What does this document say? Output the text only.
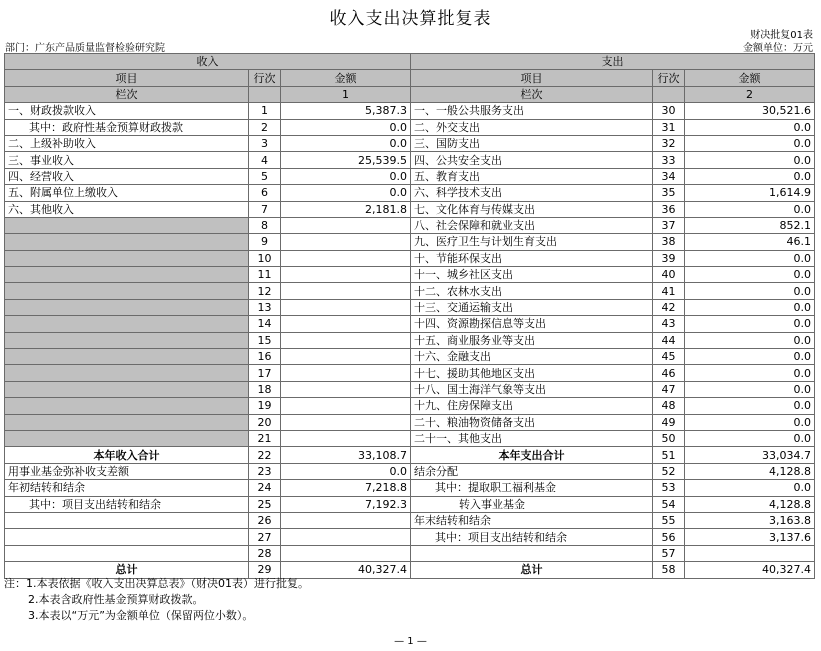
收入支出决算批复表
财决批复01表
部门：广东产品质量监督检验研究院	金额单位：万元
收入			支出		
项目	行次	金额	项目	行次	金额
栏次		1	栏次		2
一、财政拨款收入	1	5,387.3	一、一般公共服务支出	30	30,521.6
其中：政府性基金预算财政拨款	2	0.0	二、外交支出	31	0.0
二、上级补助收入	3	0.0	三、国防支出	32	0.0
三、事业收入	4	25,539.5	四、公共安全支出	33	0.0
四、经营收入	5	0.0	五、教育支出	34	0.0
五、附属单位上缴收入	6	0.0	六、科学技术支出	35	1,614.9
六、其他收入	7	2,181.8	七、文化体育与传媒支出	36	0.0
	8		八、社会保障和就业支出	37	852.1
	9		九、医疗卫生与计划生育支出	38	46.1
	10		十、节能环保支出	39	0.0
	11		十一、城乡社区支出	40	0.0
	12		十二、农林水支出	41	0.0
	13		十三、交通运输支出	42	0.0
	14		十四、资源勘探信息等支出	43	0.0
	15		十五、商业服务业等支出	44	0.0
	16		十六、金融支出	45	0.0
	17		十七、援助其他地区支出	46	0.0
	18		十八、国土海洋气象等支出	47	0.0
	19		十九、住房保障支出	48	0.0
	20		二十、粮油物资储备支出	49	0.0
	21		二十一、其他支出	50	0.0
本年收入合计	22	33,108.7	本年支出合计	51	33,034.7
用事业基金弥补收支差额	23	0.0	结余分配	52	4,128.8
年初结转和结余	24	7,218.8	其中：提取职工福利基金	53	0.0
其中：项目支出结转和结余	25	7,192.3	转入事业基金	54	4,128.8
	26		年末结转和结余	55	3,163.8
	27		其中：项目支出结转和结余	56	3,137.6
	28			57	
总计	29	40,327.4	总计	58	40,327.4
注：1.本表依据《收入支出决算总表》（财决01表）进行批复。
2.本表含政府性基金预算财政拨款。
3.本表以“万元”为金额单位（保留两位小数）。
— 1 —
